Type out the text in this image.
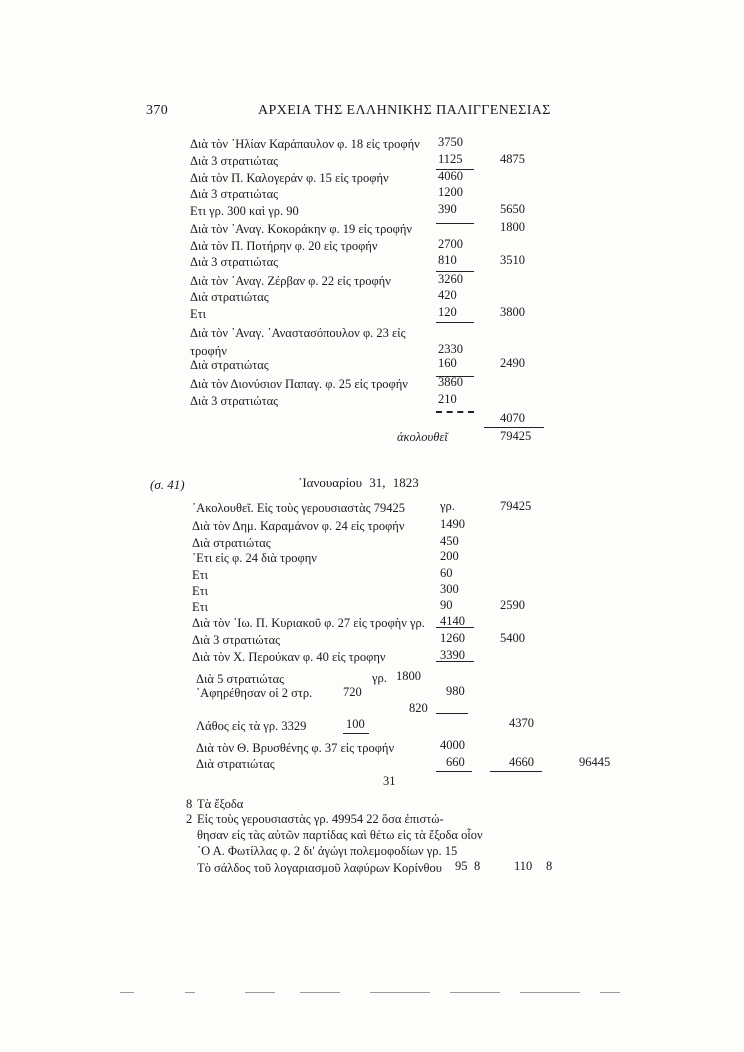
370	ΑΡΧΕΙΑ ΤΗΣ ΕΛΛΗΝΙΚΗΣ ΠΑΛΙΓΓΕΝΕΣΙΑΣ
Διὰ τὸν ᾿Ηλίαν Καράπαυλον φ. 18 εἰς τροφήν 3750
Διὰ 3 στρατιώτας	1125	4875
Διὰ τὸν Π. Καλογεράν φ. 15 εἰς τροφήν	4060
Διὰ 3 στρατιώτας	1200
Ετι γρ. 300 καὶ γρ. 90	390	5650
Διὰ τὸν ᾿Αναγ. Κοκοράκην φ. 19 εἰς τροφήν	1800
Διὰ τὸν Π. Ποτήρην φ. 20 εἰς τροφήν	2700
Διὰ 3 στρατιώτας	810	3510
Διὰ τὸν ᾿Αναγ. Ζέρβαν φ. 22 εἰς τροφήν	3260
Διὰ στρατιώτας	420
Ετι	120	3800
Διὰ τὸν ᾿Αναγ. ᾿Αναστασόπουλον φ. 23 εἰς
τροφήν	2330
Διὰ στρατιώτας	160	2490
Διὰ τὸν Διονύσιον Παπαγ. φ. 25 εἰς τροφήν 3860
Διὰ 3 στρατιώτας	210
4070
ἀκολουθεῖ	79425
(σ. 41)	᾿Ιανουαρίου 31, 1823
᾿Ακολουθεῖ. Εἰς τοὺς γερουσιαστὰς 79425	γρ.	79425
Διὰ τὸν Δημ. Καραμάνον φ. 24 εἰς τροφήν	1490
Διὰ στρατιώτας	450
᾿Ετι εἰς φ. 24 διὰ τροφην	200
Ετι	60
Ετι	300
Ετι	90	2590
Διὰ τὸν ᾿Ιω. Π. Κυριακοῦ φ. 27 εἰς τροφὴν γρ. 4140
Διὰ 3 στρατιώτας	1260	5400
Διὰ τὸν Χ. Περούκαν φ. 40 εἰς τροφην	3390
Διὰ 5 στρατιώτας	γρ. 1800
᾿Αφηρέθησαν οἱ 2 στρ. 720	980
820
Λάθος εἰς τὰ γρ. 3329	100	4370
Διὰ τὸν Θ. Βρυσθένης φ. 37 εἰς τροφήν	4000
Διὰ στρατιώτας	660	4660	96445
31
8 Τὰ ἔξοδα
2 Εἰς τοὺς γερουσιαστὰς γρ. 49954 22 ὅσα ἐπιστώ-
θησαν εἰς τὰς αὐτῶν παρτίδας καὶ θέτω εἰς τὰ ἔξοδα οἷον
῾Ο Α. Φωτίλλας φ. 2 δι' ἀγώγι πολεμοφοδίων γρ. 15
Τὸ σάλδος τοῦ λογαριασμοῦ λαφύρων Κορίνθου 95 8	110 8
